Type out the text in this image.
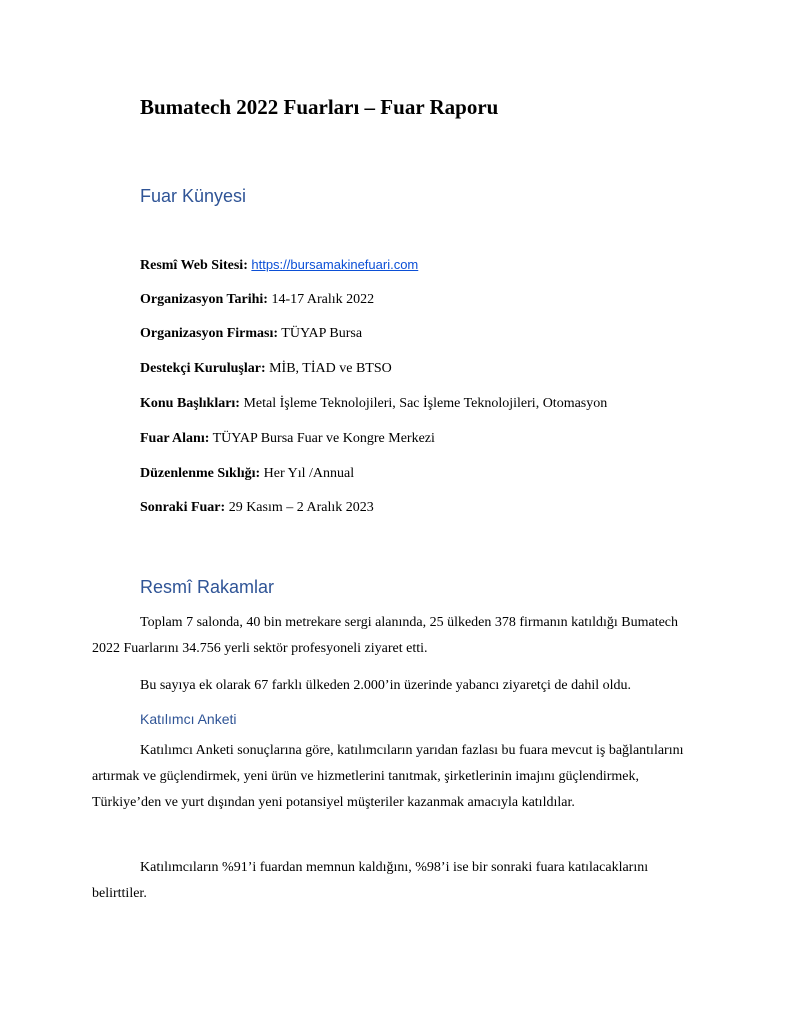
Bumatech 2022 Fuarları – Fuar Raporu
Fuar Künyesi
Resmî Web Sitesi: https://bursamakinefuari.com
Organizasyon Tarihi: 14-17 Aralık 2022
Organizasyon Firması: TÜYAP Bursa
Destekçi Kuruluşlar: MİB, TİAD ve BTSO
Konu Başlıkları: Metal İşleme Teknolojileri, Sac İşleme Teknolojileri, Otomasyon
Fuar Alanı: TÜYAP Bursa Fuar ve Kongre Merkezi
Düzenlenme Sıklığı: Her Yıl /Annual
Sonraki Fuar: 29 Kasım – 2 Aralık 2023
Resmî Rakamlar
Toplam 7 salonda, 40 bin metrekare sergi alanında, 25 ülkeden 378 firmanın katıldığı Bumatech 2022 Fuarlarını 34.756 yerli sektör profesyoneli ziyaret etti.
Bu sayıya ek olarak 67 farklı ülkeden 2.000’in üzerinde yabancı ziyaretçi de dahil oldu.
Katılımcı Anketi
Katılımcı Anketi sonuçlarına göre, katılımcıların yarıdan fazlası bu fuara mevcut iş bağlantılarını artırmak ve güçlendirmek, yeni ürün ve hizmetlerini tanıtmak, şirketlerinin imajını güçlendirmek, Türkiye’den ve yurt dışından yeni potansiyel müşteriler kazanmak amacıyla katıldılar.
Katılımcıların %91’i fuardan memnun kaldığını, %98’i ise bir sonraki fuara katılacaklarını belirttiler.
